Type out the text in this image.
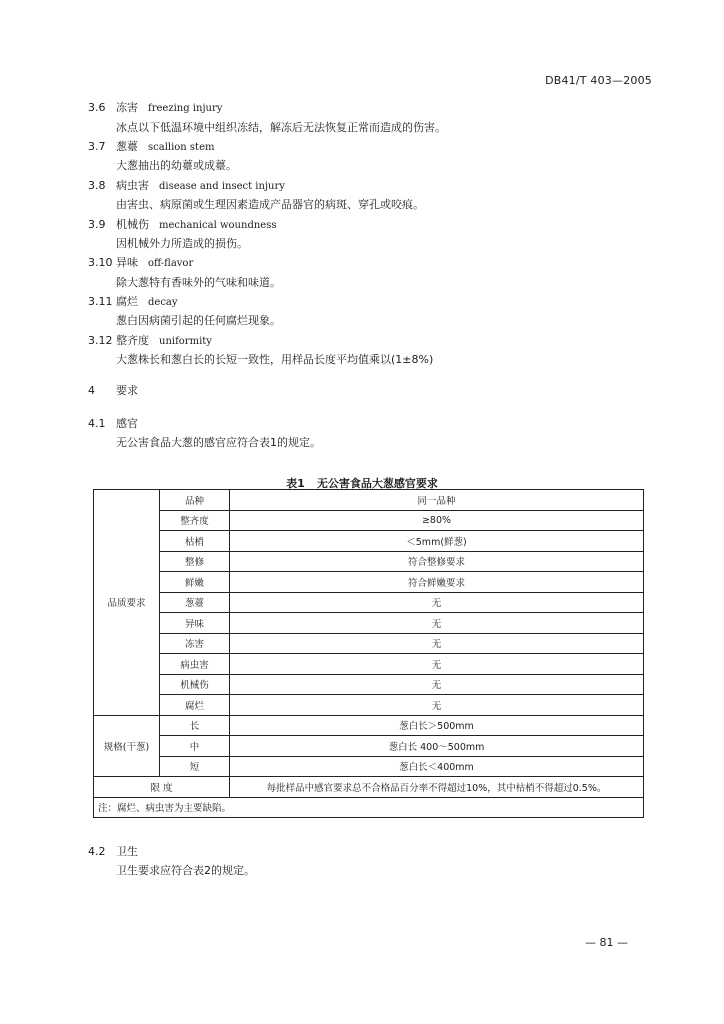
DB41/T 403—2005
3.6 冻害 freezing injury
冰点以下低温环境中组织冻结，解冻后无法恢复正常而造成的伤害。
3.7 葱薹 scallion stem
大葱抽出的幼薹或成薹。
3.8 病虫害 disease and insect injury
由害虫、病原菌或生理因素造成产品器官的病斑、穿孔或咬痕。
3.9 机械伤 mechanical woundness
因机械外力所造成的损伤。
3.10 异味 off-flavor
除大葱特有香味外的气味和味道。
3.11 腐烂 decay
葱白因病菌引起的任何腐烂现象。
3.12 整齐度 uniformity
大葱株长和葱白长的长短一致性，用样品长度平均值乘以(1±8%)
4 要求
4.1 感官
无公害食品大葱的感官应符合表1的规定。
表1 无公害食品大葱感官要求
品质要求	品种	同一品种
	整齐度	≥80%
	枯梢	＜5mm(鲜葱)
	整修	符合整修要求
	鲜嫩	符合鲜嫩要求
	葱薹	无
	异味	无
	冻害	无
	病虫害	无
	机械伤	无
	腐烂	无
规格(干葱)	长	葱白长＞500mm
	中	葱白长 400～500mm
	短	葱白长＜400mm
限 度		每批样品中感官要求总不合格品百分率不得超过10%，其中枯梢不得超过0.5%。
注：腐烂、病虫害为主要缺陷。		
4.2 卫生
卫生要求应符合表2的规定。
— 81 —
